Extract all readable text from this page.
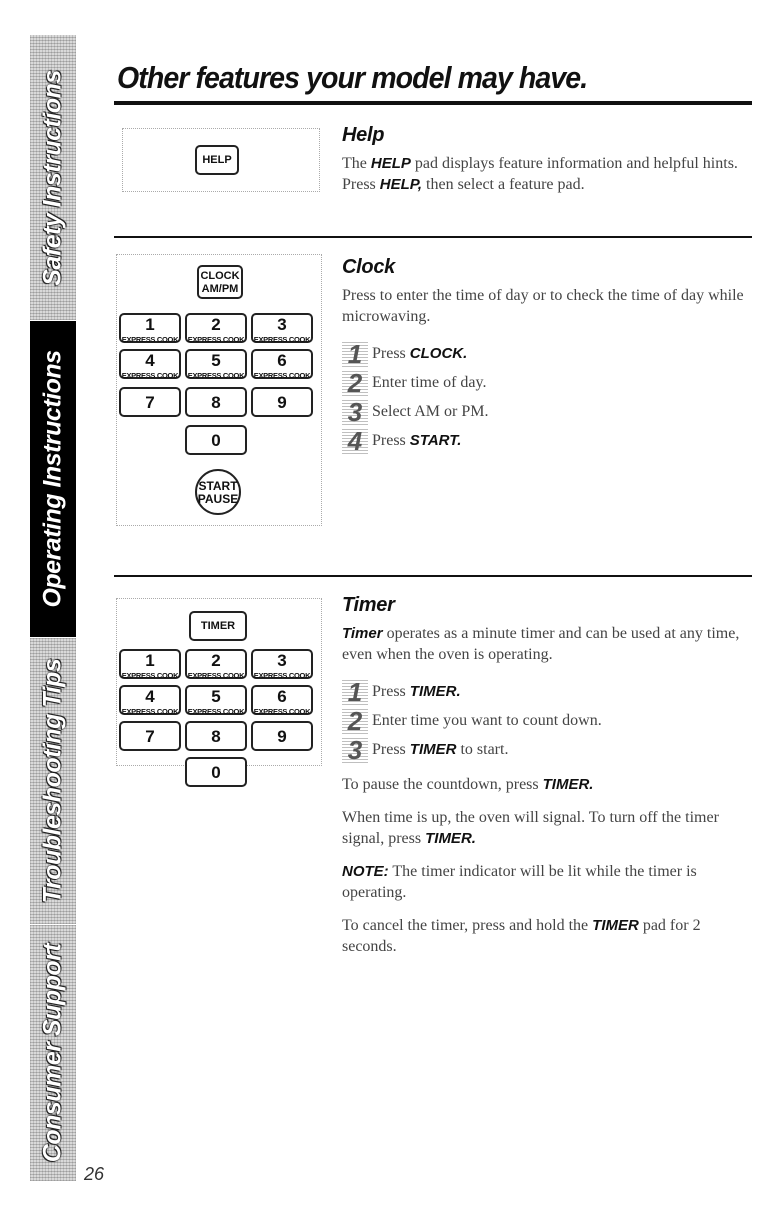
Safety Instructions
Operating Instructions
Troubleshooting Tips
Consumer Support
26
Other features your model may have.
HELP
Help

The HELP pad displays feature information and helpful hints. Press HELP, then select a feature pad.

CLOCK
AM/PM
1
EXPRESS COOK
2
EXPRESS COOK
3
EXPRESS COOK
4
EXPRESS COOK
5
EXPRESS COOK
6
EXPRESS COOK
7	8	9
0
START
PAUSE
Clock

Press to enter the time of day or to check the time of day while microwaving.

1 Press CLOCK.
2 Enter time of day.
3 Select AM or PM.
4 Press START.
TIMER
1
EXPRESS COOK
2
EXPRESS COOK
3
EXPRESS COOK
4
EXPRESS COOK
5
EXPRESS COOK
6
EXPRESS COOK
7	8	9
0
Timer

Timer operates as a minute timer and can be used at any time, even when the oven is operating.

1 Press TIMER.
2 Enter time you want to count down.
3 Press TIMER to start.

To pause the countdown, press TIMER.

When time is up, the oven will signal. To turn off the timer signal, press TIMER.

NOTE: The timer indicator will be lit while the timer is operating.

To cancel the timer, press and hold the TIMER pad for 2 seconds.
